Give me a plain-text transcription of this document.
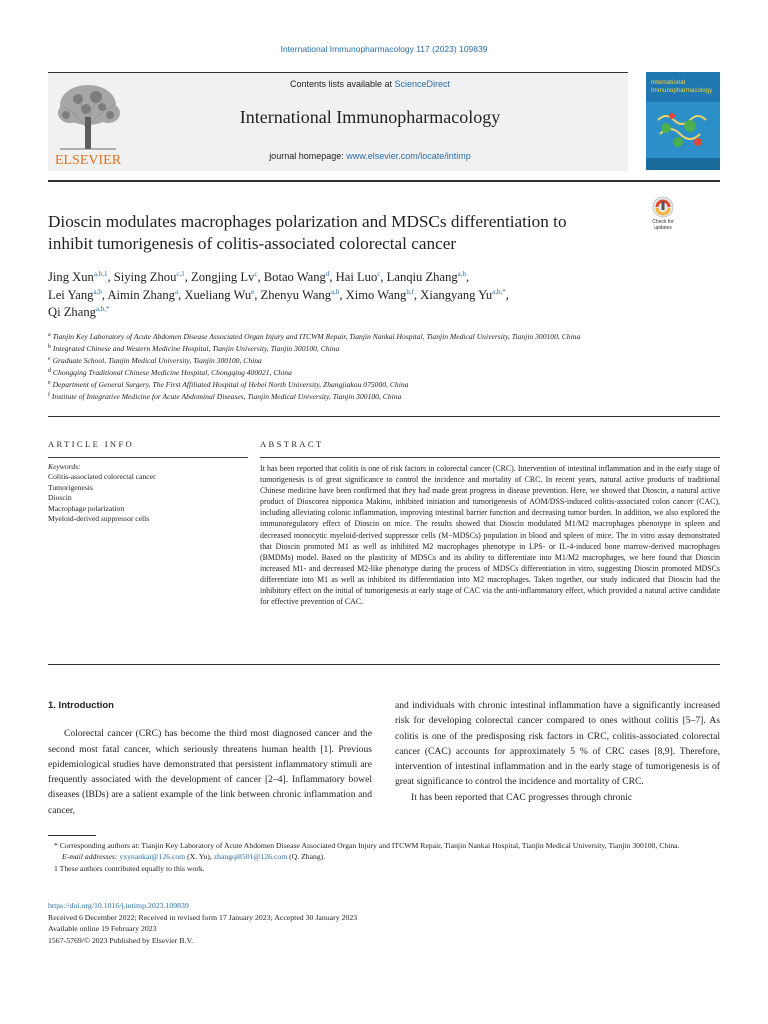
International Immunopharmacology 117 (2023) 109839
ELSEVIER
Contents lists available at ScienceDirect
International Immunopharmacology
journal homepage: www.elsevier.com/locate/intimp
International
Immunopharmacology
Dioscin modulates macrophages polarization and MDSCs differentiation to
inhibit tumorigenesis of colitis-associated colorectal cancer
Check for
updates
Jing Xun$^{a,b,1}$, Siying Zhou$^{c,1}$, Zongjing Lv$^c$, Botao Wang$^d$, Hai Luo$^c$, Lanqiu Zhang$^{a,b}$,
Lei Yang$^{a,b}$, Aimin Zhang$^a$, Xueliang Wu$^e$, Zhenyu Wang$^{a,b}$, Ximo Wang$^{b,f}$, Xiangyang $Yu^{a,b,*}$,
Qi Zhang$^{a,b,*}$
$^a$ Tianjin Key Laboratory of Acute Abdomen Disease Associated Organ Injury and ITCWM Repair, Tianjin Nankai Hospital, Tianjin Medical University, Tianjin 300100, China
$^b$ Integrated Chinese and Western Medicine Hospital, Tianjin University, Tianjin 300100, China
$^c$ Graduate School, Tianjin Medical University, Tianjin 300100, China
$^d$ Chongqing Traditional Chinese Medicine Hospital, Chongqing 400021, China
$^e$ Department of General Surgery, The First Affiliated Hospital of Hebei North University, Zhangjiakou 075000, China
$^f$ Institute of Integrative Medicine for Acute Abdominal Diseases, Tianjin Medical University, Tianjin 300100, China
ARTICLE INFO	ABSTRACT
Keywords:
Colitis-associated colorectal cancer
Tumorigenesis
Dioscin
Macrophage polarization
Myeloid-derived suppressor cells
It has been reported that colitis is one of risk factors in colorectal cancer (CRC). Intervention of intestinal inflammation and in the early stage of tumorigenesis is of great significance to control the incidence and mortality of CRC. In recent years, natural active products of traditional Chinese medicine have been confirmed that they had made great progress in disease prevention. Here, we showed that Dioscin, a natural active product of Dioscorea nipponica Makino, inhibited initiation and tumorigenesis of AOM/DSS-induced colitis-associated colon cancer (CAC), including alleviating colonic inflammation, improving intestinal barrier function and decreasing tumor burden. In addition, we also explored the immunoregulatory effect of Dioscin on mice. The results showed that Dioscin modulated M1/M2 macrophages phenotype in spleen and decreased monocytic myeloid-derived suppressor cells (M−MDSCs) population in blood and spleen of mice. The in vitro assay demonstrated that Dioscin promoted M1 as well as inhibited M2 macrophages phenotype in LPS- or IL-4-induced bone marrow-derived macrophages (BMDMs) model. Based on the plasticity of MDSCs and its ability to differentiate into M1/M2 macrophages, we here found that Dioscin increased M1- and decreased M2-like phenotype during the process of MDSCs differentiation in vitro, suggesting Dioscin promoted MDSCs differentiate into M1 as well as inhibited its differentiation into M2 macrophages. Taken together, our study indicated that Dioscin had the inhibitory effect on the initial of tumorigenesis at early stage of CAC via the anti-inflammatory effect, which provided a natural active candidate for effective prevention of CAC.
1. Introduction

Colorectal cancer (CRC) has become the third most diagnosed cancer and the second most fatal cancer, which seriously threatens human health [1]. Previous epidemiological studies have demonstrated that persistent inflammatory stimuli are frequently associated with the development of cancer [2–4]. Inflammatory bowel diseases (IBDs) are a salient example of the link between chronic inflammation and cancer,

and individuals with chronic intestinal inflammation have a significantly increased risk for developing colorectal cancer compared to ones without colitis [5–7]. As colitis is one of the predisposing risk factors in CRC, colitis-associated colorectal cancer (CAC) accounts for approximately 5 % of CRC cases [8,9]. Therefore, intervention of intestinal inflammation and in the early stage of tumorigenesis is of great significance to control the incidence and mortality of CRC.

It has been reported that CAC progresses through chronic

* Corresponding authors at: Tianjin Key Laboratory of Acute Abdomen Disease Associated Organ Injury and ITCWM Repair, Tianjin Nankai Hospital, Tianjin Medical University, Tianjin 300100, China.
E-mail addresses: yxynankai@126.com (X. Yu), zhangqi8501@126.com (Q. Zhang).
1 These authors contributed equally to this work.
https://doi.org/10.1016/j.intimp.2023.109839
Received 6 December 2022; Received in revised form 17 January 2023; Accepted 30 January 2023
Available online 19 February 2023
1567-5769/© 2023 Published by Elsevier B.V.
